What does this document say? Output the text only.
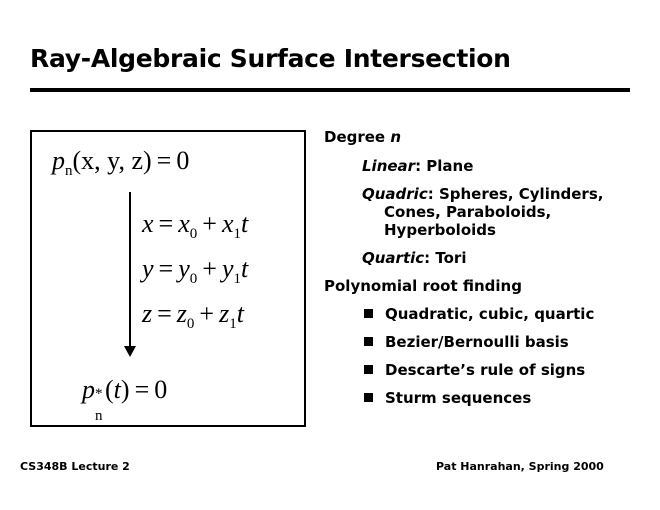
Ray-Algebraic Surface Intersection
$p_n(x$, y, z) = 0
$x = x_0 + x_1t$
$y = y_0 + y_1t$
$z = z_0 + z_1t$
p *
n
(t) = 0
Degree n
Linear: Plane
Quadric: Spheres, Cylinders,
Cones, Paraboloids,
Hyperboloids
Quartic: Tori
Polynomial root finding
Quadratic, cubic, quartic
Bezier/Bernoulli basis
Descarte’s rule of signs
Sturm sequences
CS348B Lecture 2	Pat Hanrahan, Spring 2000
